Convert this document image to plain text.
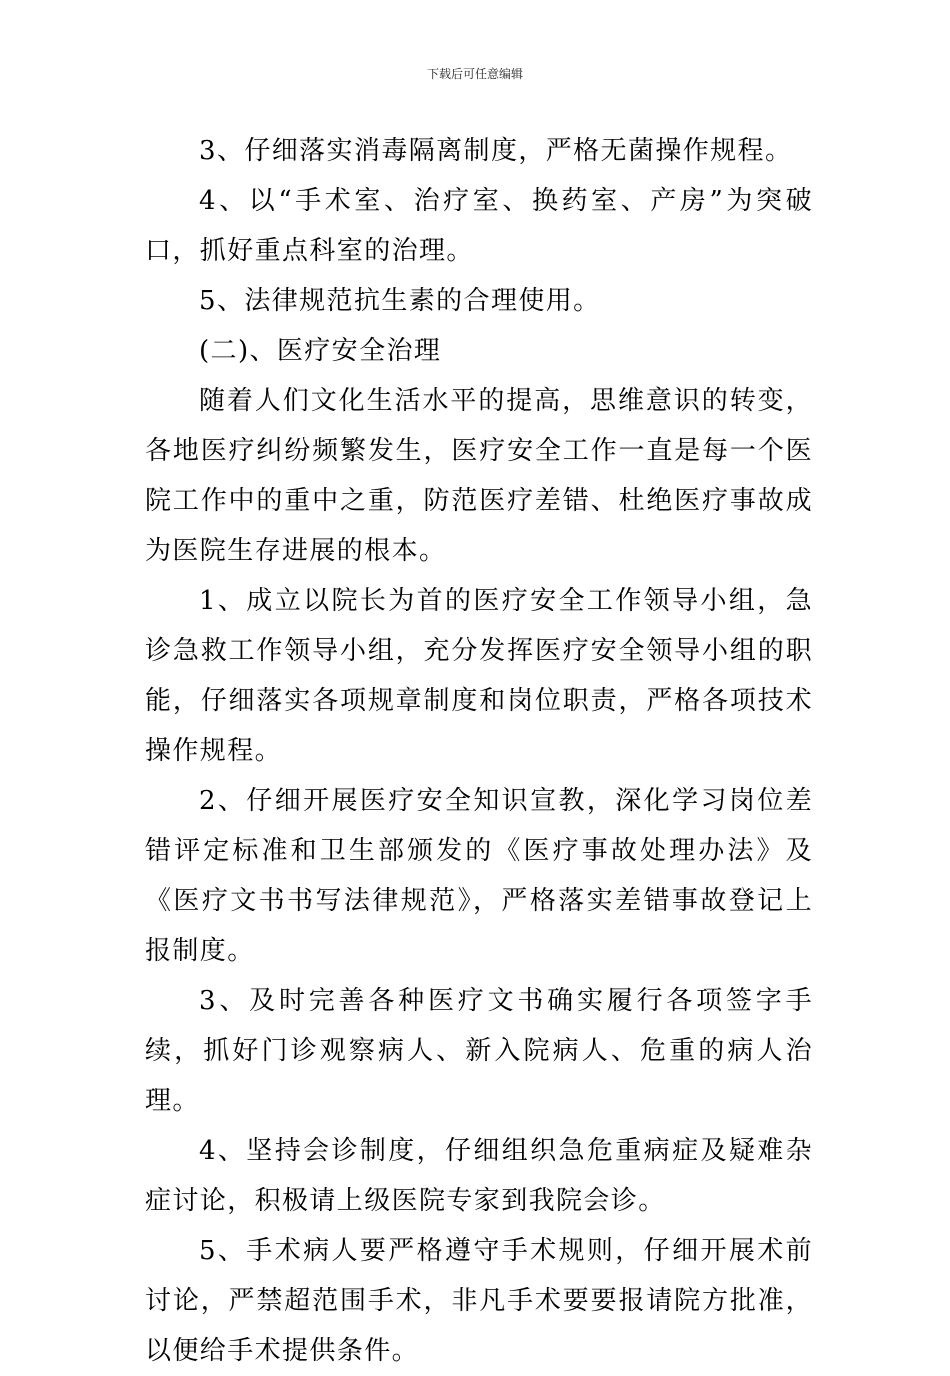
下载后可任意编辑

3、仔细落实消毒隔离制度，严格无菌操作规程。

4、以“手术室、治疗室、换药室、产房”为突破口，抓好重点科室的治理。

5、法律规范抗生素的合理使用。

(二)、医疗安全治理

随着人们文化生活水平的提高，思维意识的转变，各地医疗纠纷频繁发生，医疗安全工作一直是每一个医院工作中的重中之重，防范医疗差错、杜绝医疗事故成为医院生存进展的根本。

1、成立以院长为首的医疗安全工作领导小组，急诊急救工作领导小组，充分发挥医疗安全领导小组的职能，仔细落实各项规章制度和岗位职责，严格各项技术操作规程。

2、仔细开展医疗安全知识宣教，深化学习岗位差错评定标准和卫生部颁发的《医疗事故处理办法》及《医疗文书书写法律规范》，严格落实差错事故登记上报制度。

3、及时完善各种医疗文书确实履行各项签字手续，抓好门诊观察病人、新入院病人、危重的病人治理。

4、坚持会诊制度，仔细组织急危重病症及疑难杂症讨论，积极请上级医院专家到我院会诊。

5、手术病人要严格遵守手术规则，仔细开展术前讨论，严禁超范围手术，非凡手术要要报请院方批准，以便给手术提供条件。
